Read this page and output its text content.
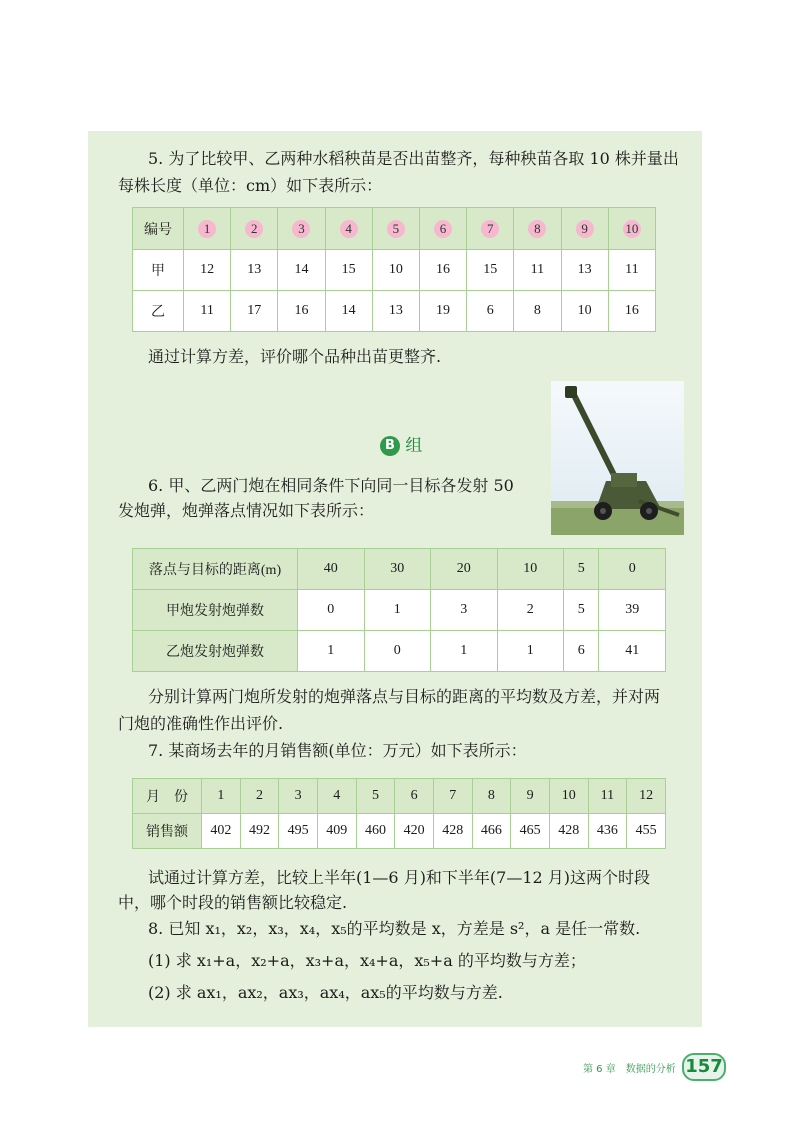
5. 为了比较甲、乙两种水稻秧苗是否出苗整齐，每种秧苗各取 10 株并量出
每株长度（单位：cm）如下表所示：
编号	1	2	3	4	5	6	7	8	9	10
甲	12	13	14	15	10	16	15	11	13	11
乙	11	17	16	14	13	19	6	8	10	16
通过计算方差，评价哪个品种出苗更整齐.
B 组
6. 甲、乙两门炮在相同条件下向同一目标各发射 50
发炮弹，炮弹落点情况如下表所示：
落点与目标的距离(m)	40	30	20	10	5	0
甲炮发射炮弹数	0	1	3	2	5	39
乙炮发射炮弹数	1	0	1	1	6	41
分别计算两门炮所发射的炮弹落点与目标的距离的平均数及方差，并对两
门炮的准确性作出评价.
7. 某商场去年的月销售额(单位：万元）如下表所示：
月　份	1	2	3	4	5	6	7	8	9	10	11	12
销售额	402	492	495	409	460	420	428	466	465	428	436	455
试通过计算方差，比较上半年(1—6 月)和下半年(7—12 月)这两个时段
中，哪个时段的销售额比较稳定.
8. 已知 x₁，x₂，x₃，x₄，x₅的平均数是 x，方差是 s²，a 是任一常数.
(1) 求 x₁+a，x₂+a，x₃+a，x₄+a，x₅+a 的平均数与方差；
(2) 求 ax₁，ax₂，ax₃，ax₄，ax₅的平均数与方差.
第 6 章　数据的分析 157
